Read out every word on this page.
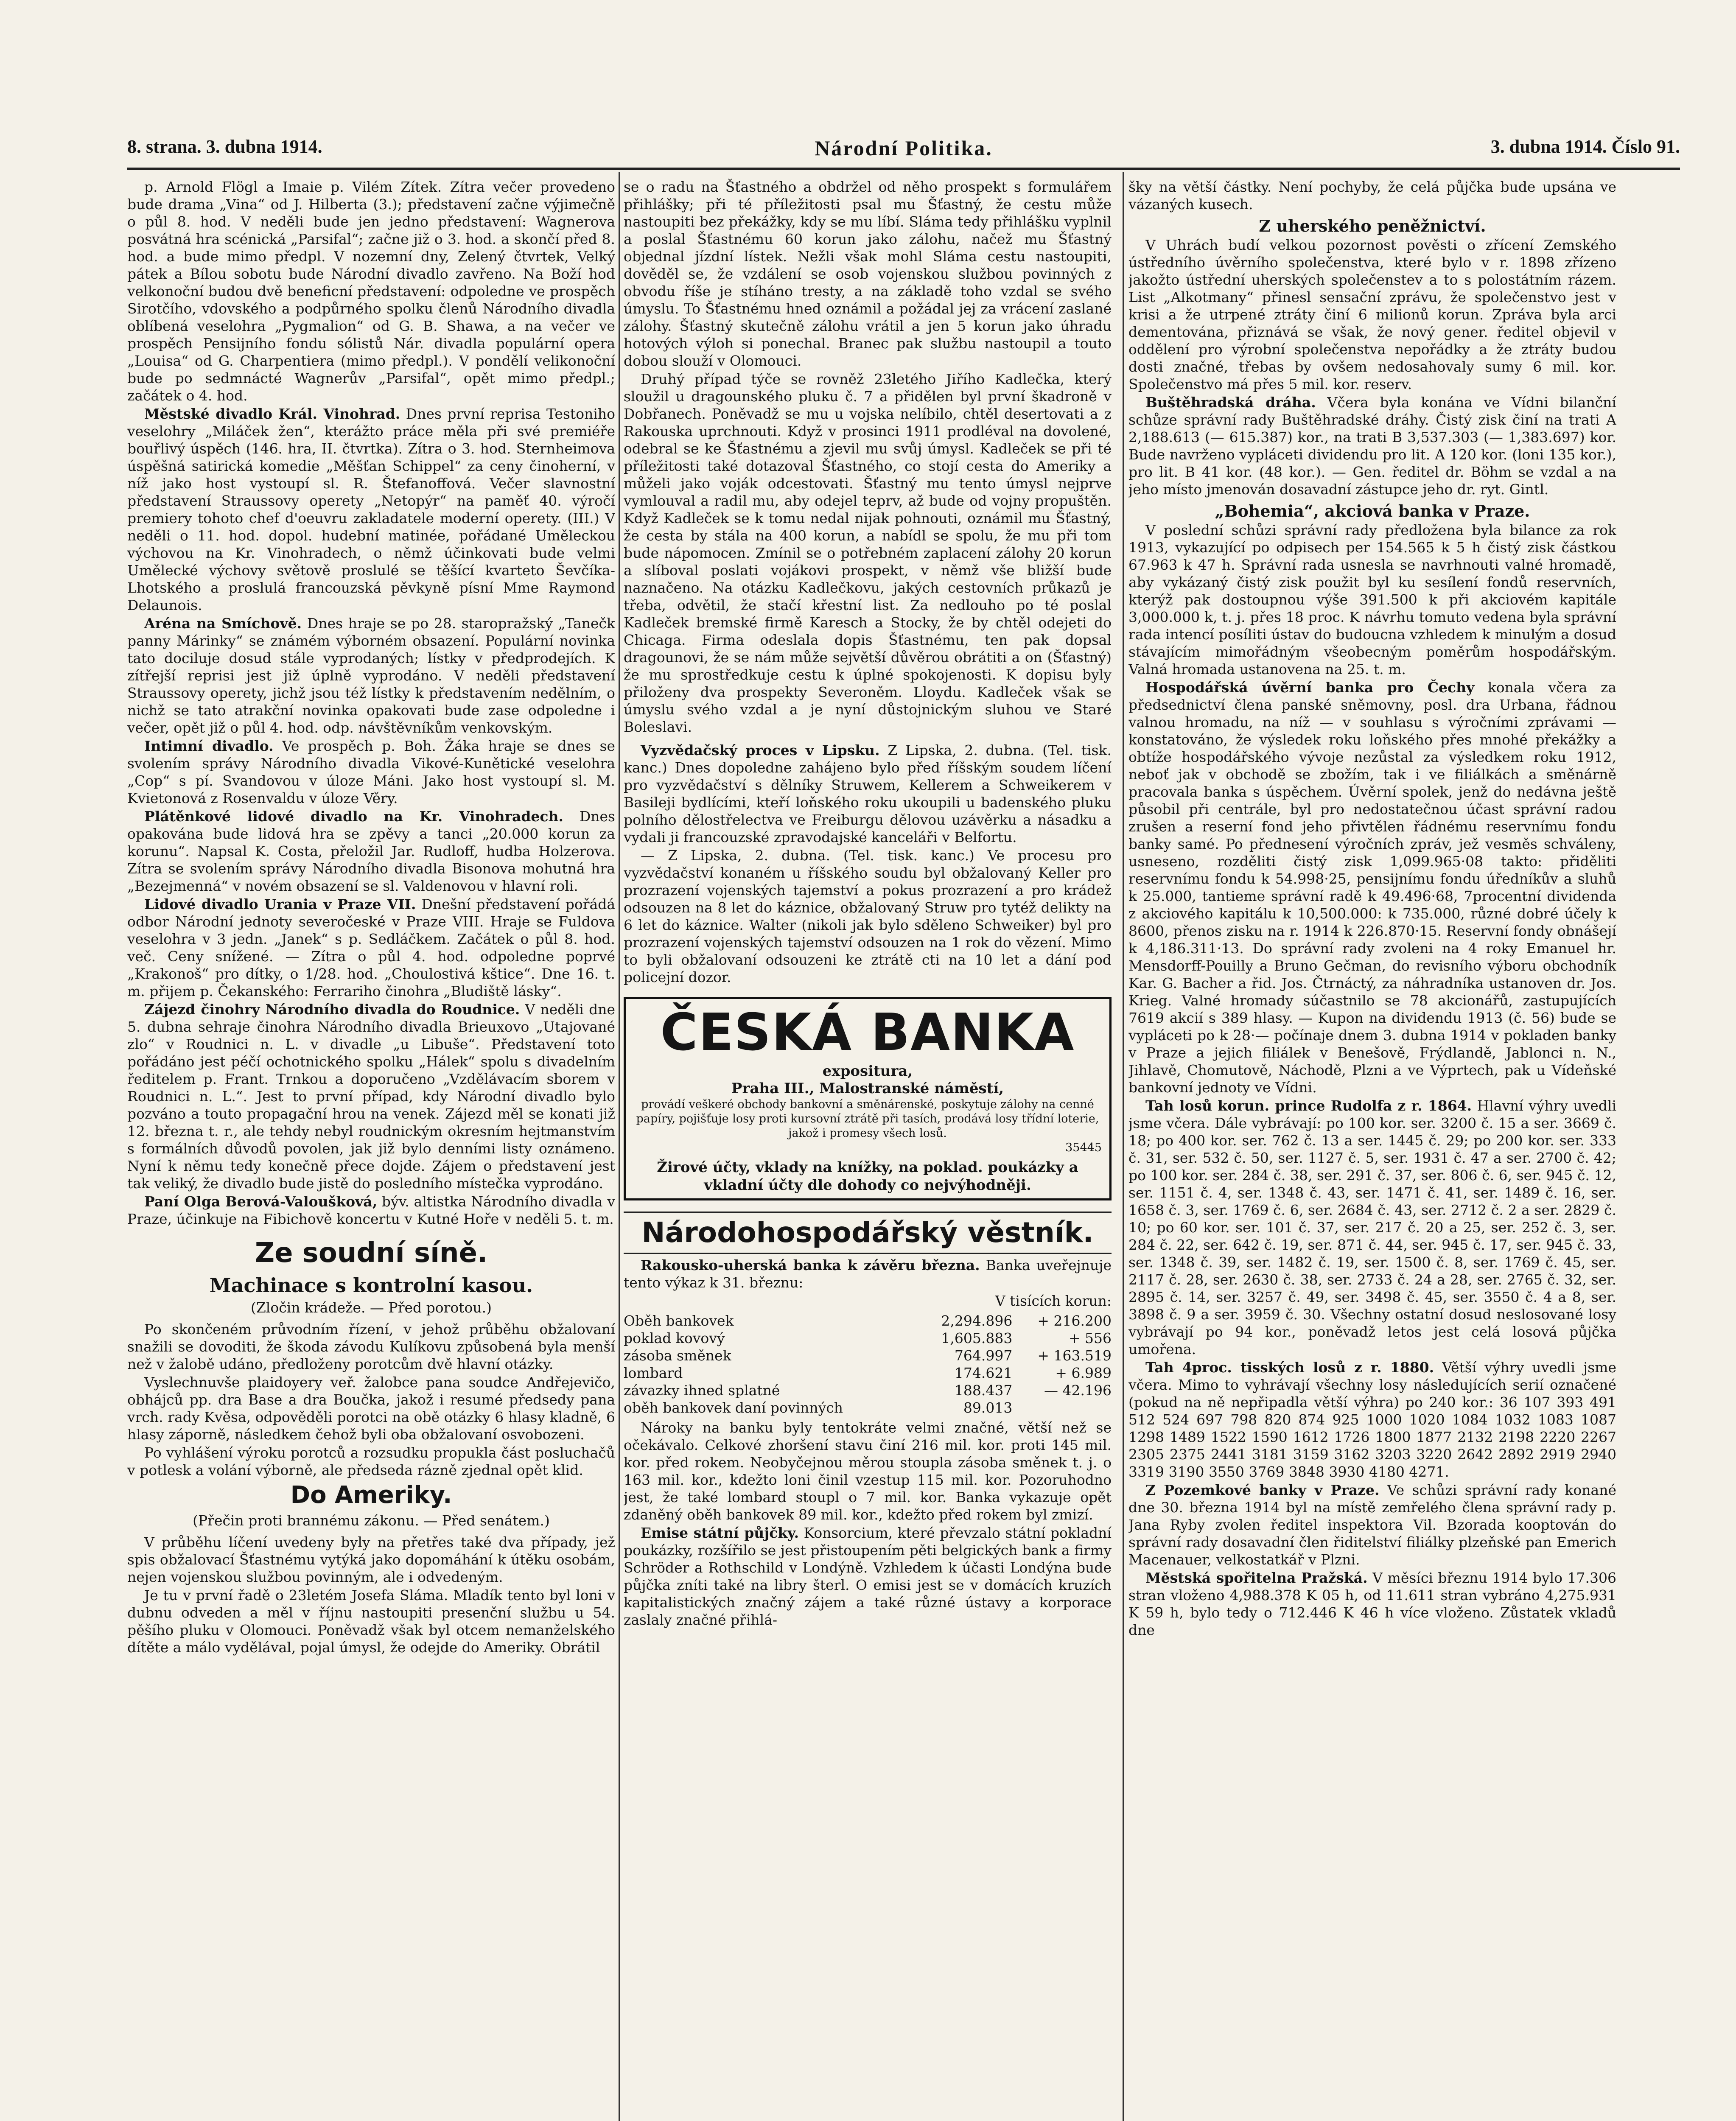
8. strana. 3. dubna 1914.	Národní Politika.	3. dubna 1914. Číslo 91.

p. Arnold Flögl a Imaie p. Vilém Zítek. Zítra večer provedeno bude drama „Vina“ od J. Hilberta (3.); představení začne výjimečně o půl 8. hod. V neděli bude jen jedno představení: Wagnerova posvátná hra scénická „Parsifal“; začne již o 3. hod. a skončí před 8. hod. a bude mimo předpl. V nozemní dny, Zelený čtvrtek, Velký pátek a Bílou sobotu bude Národní divadlo zavřeno. Na Boží hod velkonoční budou dvě beneficní představení: odpoledne ve prospěch Sirotčího, vdovského a podpůrného spolku členů Národního divadla oblíbená veselohra „Pygmalion“ od G. B. Shawa, a na večer ve prospěch Pensijního fondu sólistů Nár. divadla populární opera „Louisa“ od G. Charpentiera (mimo předpl.). V pondělí velikonoční bude po sedmnácté Wagnerův „Parsifal“, opět mimo předpl.; začátek o 4. hod.

Městské divadlo Král. Vinohrad. Dnes první reprisa Testoniho veselohry „Miláček žen“, kterážto práce měla při své premiéře bouřlivý úspěch (146. hra, II. čtvrtka). Zítra o 3. hod. Sternheimova úspěšná satirická komedie „Měšťan Schippel“ za ceny činoherní, v níž jako host vystoupí sl. R. Štefanoffová. Večer slavnostní představení Straussovy operety „Netopýr“ na paměť 40. výročí premiery tohoto chef d'oeuvru zakladatele moderní operety. (III.) V neděli o 11. hod. dopol. hudební matinée, pořádané Uměleckou výchovou na Kr. Vinohradech, o němž účinkovati bude velmi Umělecké výchovy světově proslulé se těšící kvarteto Ševčíka-Lhotského a proslulá francouzská pěvkyně písní Mme Raymond Delaunois.

Aréna na Smíchově. Dnes hraje se po 28. staropražský „Tanečk panny Márinky“ se známém výborném obsazení. Populární novinka tato dociluje dosud stále vyprodaných; lístky v předprodejích. K zítřejší reprisi jest již úplně vyprodáno. V neděli představení Straussovy operety, jichž jsou též lístky k představením nedělním, o nichž se tato atrakční novinka opakovati bude zase odpoledne i večer, opět již o půl 4. hod. odp. návštěvníkům venkovským.

Intimní divadlo. Ve prospěch p. Boh. Žáka hraje se dnes se svolením správy Národního divadla Vikové-Kunětické veselohra „Cop“ s pí. Svandovou v úloze Máni. Jako host vystoupí sl. M. Kvietonová z Rosenvaldu v úloze Věry.

Plátěnkové lidové divadlo na Kr. Vinohradech. Dnes opakována bude lidová hra se zpěvy a tanci „20.000 korun za korunu“. Napsal K. Costa, přeložil Jar. Rudloff, hudba Holzerova. Zítra se svolením správy Národního divadla Bisonova mohutná hra „Bezejmenná“ v novém obsazení se sl. Valdenovou v hlavní roli.

Lidové divadlo Urania v Praze VII. Dnešní představení pořádá odbor Národní jednoty severočeské v Praze VIII. Hraje se Fuldova veselohra v 3 jedn. „Janek“ s p. Sedláčkem. Začátek o půl 8. hod. več. Ceny snížené. — Zítra o půl 4. hod. odpoledne poprvé „Krakonoš“ pro dítky, o 1/28. hod. „Choulostivá kštice“. Dne 16. t. m. přijem p. Čekanského: Ferrariho činohra „Bludiště lásky“.

Zájezd činohry Národního divadla do Roudnice. V neděli dne 5. dubna sehraje činohra Národního divadla Brieuxovo „Utajované zlo“ v Roudnici n. L. v divadle „u Libuše“. Představení toto pořádáno jest péčí ochotnického spolku „Hálek“ spolu s divadelním ředitelem p. Frant. Trnkou a doporučeno „Vzdělávacím sborem v Roudnici n. L.“. Jest to první případ, kdy Národní divadlo bylo pozváno a touto propagační hrou na venek. Zájezd měl se konati již 12. března t. r., ale tehdy nebyl roudnickým okresním hejtmanstvím s formálních důvodů povolen, jak již bylo denními listy oznámeno. Nyní k němu tedy konečně přece dojde. Zájem o představení jest tak veliký, že divadlo bude jistě do posledního místečka vyprodáno.

Paní Olga Berová-Valoušková, býv. altistka Národního divadla v Praze, účinkuje na Fibichově koncertu v Kutné Hoře v neděli 5. t. m.

Ze soudní síně.
Machinace s kontrolní kasou.
(Zločin krádeže. — Před porotou.)

Po skončeném průvodním řízení, v jehož průběhu obžalovaní snažili se dovoditi, že škoda závodu Kulíkovu způsobená byla menší než v žalobě udáno, předloženy porotcům dvě hlavní otázky.

Vyslechnuvše plaidoyery veř. žalobce pana soudce Andřejevičo, obhájců pp. dra Base a dra Boučka, jakož i resumé předsedy pana vrch. rady Kvěsa, odpověděli porotci na obě otázky 6 hlasy kladně, 6 hlasy záporně, následkem čehož byli oba obžalovaní osvobozeni.

Po vyhlášení výroku porotců a rozsudku propukla část posluchačů v potlesk a volání výborně, ale předseda rázně zjednal opět klid.

Do Ameriky.
(Přečin proti brannému zákonu. — Před senátem.)

V průběhu líčení uvedeny byly na přetřes také dva případy, jež spis obžalovací Šťastnému vytýká jako dopomáhání k útěku osobám, nejen vojenskou službou povinným, ale i odvedeným.

Je tu v první řadě o 23letém Josefa Sláma. Mladík tento byl loni v dubnu odveden a měl v říjnu nastoupiti presenční službu u 54. pěšího pluku v Olomouci. Poněvadž však byl otcem nemanželského dítěte a málo vydělával, pojal úmysl, že odejde do Ameriky. Obrátil

se o radu na Šťastného a obdržel od něho prospekt s formulářem přihlášky; při té příležitosti psal mu Šťastný, že cestu může nastoupiti bez překážky, kdy se mu líbí. Sláma tedy přihlášku vyplnil a poslal Šťastnému 60 korun jako zálohu, načež mu Šťastný objednal jízdní lístek. Nežli však mohl Sláma cestu nastoupiti, dověděl se, že vzdálení se osob vojenskou službou povinných z obvodu říše je stíháno tresty, a na základě toho vzdal se svého úmyslu. To Šťastnému hned oznámil a požádal jej za vrácení zaslané zálohy. Šťastný skutečně zálohu vrátil a jen 5 korun jako úhradu hotových výloh si ponechal. Branec pak službu nastoupil a touto dobou slouží v Olomouci.

Druhý případ týče se rovněž 23letého Jiřího Kadlečka, který sloužil u dragounského pluku č. 7 a přidělen byl první škadroně v Dobřanech. Poněvadž se mu u vojska nelíbilo, chtěl desertovati a z Rakouska uprchnouti. Když v prosinci 1911 prodléval na dovolené, odebral se ke Šťastnému a zjevil mu svůj úmysl. Kadleček se při té příležitosti také dotazoval Šťastného, co stojí cesta do Ameriky a můželi jako voják odcestovati. Šťastný mu tento úmysl nejprve vymlouval a radil mu, aby odejel teprv, až bude od vojny propuštěn. Když Kadleček se k tomu nedal nijak pohnouti, oznámil mu Šťastný, že cesta by stála na 400 korun, a nabídl se spolu, že mu při tom bude nápomocen. Zmínil se o potřebném zaplacení zálohy 20 korun a slíboval poslati vojákovi prospekt, v němž vše bližší bude naznačeno. Na otázku Kadlečkovu, jakých cestovních průkazů je třeba, odvětil, že stačí křestní list. Za nedlouho po té poslal Kadleček bremské firmě Karesch a Stocky, že by chtěl odejeti do Chicaga. Firma odeslala dopis Šťastnému, ten pak dopsal dragounovi, že se nám může sejvětší důvěrou obrátiti a on (Šťastný) že mu sprostředkuje cestu k úplné spokojenosti. K dopisu byly přiloženy dva prospekty Severoněm. Lloydu. Kadleček však se úmyslu svého vzdal a je nyní důstojnickým sluhou ve Staré Boleslavi.

Vyzvědačský proces v Lipsku. Z Lipska, 2. dubna. (Tel. tisk. kanc.) Dnes dopoledne zahájeno bylo před říšským soudem líčení pro vyzvědačství s dělníky Struwem, Kellerem a Schweikerem v Basileji bydlícími, kteří loňského roku ukoupili u badenského pluku polního dělostřelectva ve Freiburgu dělovou uzávěrku a násadku a vydali ji francouzské zpravodajské kanceláři v Belfortu.

— Z Lipska, 2. dubna. (Tel. tisk. kanc.) Ve procesu pro vyzvědačství konaném u říšského soudu byl obžalovaný Keller pro prozrazení vojenských tajemství a pokus prozrazení a pro krádež odsouzen na 8 let do káznice, obžalovaný Struw pro tytéž delikty na 6 let do káznice. Walter (nikoli jak bylo sděleno Schweiker) byl pro prozrazení vojenských tajemství odsouzen na 1 rok do vězení. Mimo to byli obžalovaní odsouzeni ke ztrátě cti na 10 let a dání pod policejní dozor.

ČESKÁ BANKA
expositura,
Praha III., Malostranské náměstí,
provádí veškeré obchody bankovní a směnárenské, poskytuje zálohy na cenné papíry, pojišťuje losy proti kursovní ztrátě při tasích, prodává losy třídní loterie, jakož i promesy všech losů.
35445
Žirové účty, vklady na knížky, na poklad. poukázky a vkladní účty dle dohody co nejvýhodněji.
Národohospodářský věstník.

Rakousko-uherská banka k závěru března. Banka uveřejnuje tento výkaz k 31. březnu:

V tisících korun:
Oběh bankovek	2,294.896	+ 216.200
poklad kovový	1,605.883	+ 556
zásoba směnek	764.997	+ 163.519
lombard	174.621	+ 6.989
závazky ihned splatné	188.437	— 42.196
oběh bankovek daní povinných	89.013	

Nároky na banku byly tentokráte velmi značné, větší než se očekávalo. Celkové zhoršení stavu činí 216 mil. kor. proti 145 mil. kor. před rokem. Neobyčejnou měrou stoupla zásoba směnek t. j. o 163 mil. kor., kdežto loni činil vzestup 115 mil. kor. Pozoruhodno jest, že také lombard stoupl o 7 mil. kor. Banka vykazuje opět zdaněný oběh bankovek 89 mil. kor., kdežto před rokem byl zmizí.

Emise státní půjčky. Konsorcium, které převzalo státní pokladní poukázky, rozšířilo se jest přistoupením pěti belgických bank a firmy Schröder a Rothschild v Londýně. Vzhledem k účasti Londýna bude půjčka zníti také na libry šterl. O emisi jest se v domácích kruzích kapitalistických značný zájem a také různé ústavy a korporace zaslaly značné přihlá-

šky na větší částky. Není pochyby, že celá půjčka bude upsána ve vázaných kusech.

Z uherského peněžnictví.

V Uhrách budí velkou pozornost pověsti o zřícení Zemského ústředního úvěrního společenstva, které bylo v r. 1898 zřízeno jakožto ústřední uherských společenstev a to s polostátním rázem. List „Alkotmany“ přinesl sensační zprávu, že společenstvo jest v krisi a že utrpené ztráty činí 6 milionů korun. Zpráva byla arci dementována, přiznává se však, že nový gener. ředitel objevil v oddělení pro výrobní společenstva nepořádky a že ztráty budou dosti značné, třebas by ovšem nedosahovaly sumy 6 mil. kor. Společenstvo má přes 5 mil. kor. reserv.

Buštěhradská dráha. Včera byla konána ve Vídni bilanční schůze správní rady Buštěhradské dráhy. Čistý zisk činí na trati A 2,188.613 (— 615.387) kor., na trati B 3,537.303 (— 1,383.697) kor. Bude navrženo vypláceti dividendu pro lit. A 120 kor. (loni 135 kor.), pro lit. B 41 kor. (48 kor.). — Gen. ředitel dr. Böhm se vzdal a na jeho místo jmenován dosavadní zástupce jeho dr. ryt. Gintl.

„Bohemia“, akciová banka v Praze.

V poslední schůzi správní rady předložena byla bilance za rok 1913, vykazující po odpisech per 154.565 k 5 h čistý zisk částkou 67.963 k 47 h. Správní rada usnesla se navrhnouti valné hromadě, aby vykázaný čistý zisk použit byl ku sesílení fondů reservních, kterýž pak dostoupnou výše 391.500 k při akciovém kapitále 3,000.000 k, t. j. přes 18 proc. K návrhu tomuto vedena byla správní rada intencí posíliti ústav do budoucna vzhledem k minulým a dosud stávajícím mimořádným všeobecným poměrům hospodářským. Valná hromada ustanovena na 25. t. m.

Hospodářská úvěrní banka pro Čechy konala včera za předsednictví člena panské sněmovny, posl. dra Urbana, řádnou valnou hromadu, na níž — v souhlasu s výročními zprávami — konstatováno, že výsledek roku loňského přes mnohé překážky a obtíže hospodářského vývoje nezůstal za výsledkem roku 1912, neboť jak v obchodě se zbožím, tak i ve filiálkách a směnárně pracovala banka s úspěchem. Úvěrní spolek, jenž do nedávna ještě působil při centrále, byl pro nedostatečnou účast správní radou zrušen a reserní fond jeho přivtělen řádnému reservnímu fondu banky samé. Po přednesení výročních zpráv, jež vesměs schváleny, usneseno, rozděliti čistý zisk 1,099.965·08 takto: přiděliti reservnímu fondu k 54.998·25, pensijnímu fondu úředníkův a sluhů k 25.000, tantieme správní radě k 49.496·68, 7procentní dividenda z akciového kapitálu k 10,500.000: k 735.000, různé dobré účely k 8600, přenos zisku na r. 1914 k 226.870·15. Reservní fondy obnášejí k 4,186.311·13. Do správní rady zvoleni na 4 roky Emanuel hr. Mensdorff-Pouilly a Bruno Gečman, do revisního výboru obchodník Kar. G. Bacher a řid. Jos. Čtrnáctý, za náhradníka ustanoven dr. Jos. Krieg. Valné hromady súčastnilo se 78 akcionářů, zastupujících 7619 akcií s 389 hlasy. — Kupon na dividendu 1913 (č. 56) bude se vypláceti po k 28·— počínaje dnem 3. dubna 1914 v pokladen banky v Praze a jejich filiálek v Benešově, Frýdlandě, Jablonci n. N., Jihlavě, Chomutově, Náchodě, Plzni a ve Výprtech, pak u Vídeňské bankovní jednoty ve Vídni.

Tah losů korun. prince Rudolfa z r. 1864. Hlavní výhry uvedli jsme včera. Dále vybrávají: po 100 kor. ser. 3200 č. 15 a ser. 3669 č. 18; po 400 kor. ser. 762 č. 13 a ser. 1445 č. 29; po 200 kor. ser. 333 č. 31, ser. 532 č. 50, ser. 1127 č. 5, ser. 1931 č. 47 a ser. 2700 č. 42; po 100 kor. ser. 284 č. 38, ser. 291 č. 37, ser. 806 č. 6, ser. 945 č. 12, ser. 1151 č. 4, ser. 1348 č. 43, ser. 1471 č. 41, ser. 1489 č. 16, ser. 1658 č. 3, ser. 1769 č. 6, ser. 2684 č. 43, ser. 2712 č. 2 a ser. 2829 č. 10; po 60 kor. ser. 101 č. 37, ser. 217 č. 20 a 25, ser. 252 č. 3, ser. 284 č. 22, ser. 642 č. 19, ser. 871 č. 44, ser. 945 č. 17, ser. 945 č. 33, ser. 1348 č. 39, ser. 1482 č. 19, ser. 1500 č. 8, ser. 1769 č. 45, ser. 2117 č. 28, ser. 2630 č. 38, ser. 2733 č. 24 a 28, ser. 2765 č. 32, ser. 2895 č. 14, ser. 3257 č. 49, ser. 3498 č. 45, ser. 3550 č. 4 a 8, ser. 3898 č. 9 a ser. 3959 č. 30. Všechny ostatní dosud neslosované losy vybrávají po 94 kor., poněvadž letos jest celá losová půjčka umořena.

Tah 4proc. tisských losů z r. 1880. Větší výhry uvedli jsme včera. Mimo to vyhrávají všechny losy následujících serií označené (pokud na ně nepřipadla větší výhra) po 240 kor.: 36 107 393 491 512 524 697 798 820 874 925 1000 1020 1084 1032 1083 1087 1298 1489 1522 1590 1612 1726 1800 1877 2132 2198 2220 2267 2305 2375 2441 3181 3159 3162 3203 3220 2642 2892 2919 2940 3319 3190 3550 3769 3848 3930 4180 4271.

Z Pozemkové banky v Praze. Ve schůzi správní rady konané dne 30. března 1914 byl na místě zemřelého člena správní rady p. Jana Ryby zvolen ředitel inspektora Vil. Bzorada kooptován do správní rady dosavadní člen řiditelství filiálky plzeňské pan Emerich Macenauer, velkostatkář v Plzni.

Městská spořitelna Pražská. V měsíci březnu 1914 bylo 17.306 stran vloženo 4,988.378 K 05 h, od 11.611 stran vybráno 4,275.931 K 59 h, bylo tedy o 712.446 K 46 h více vloženo. Zůstatek vkladů dne
